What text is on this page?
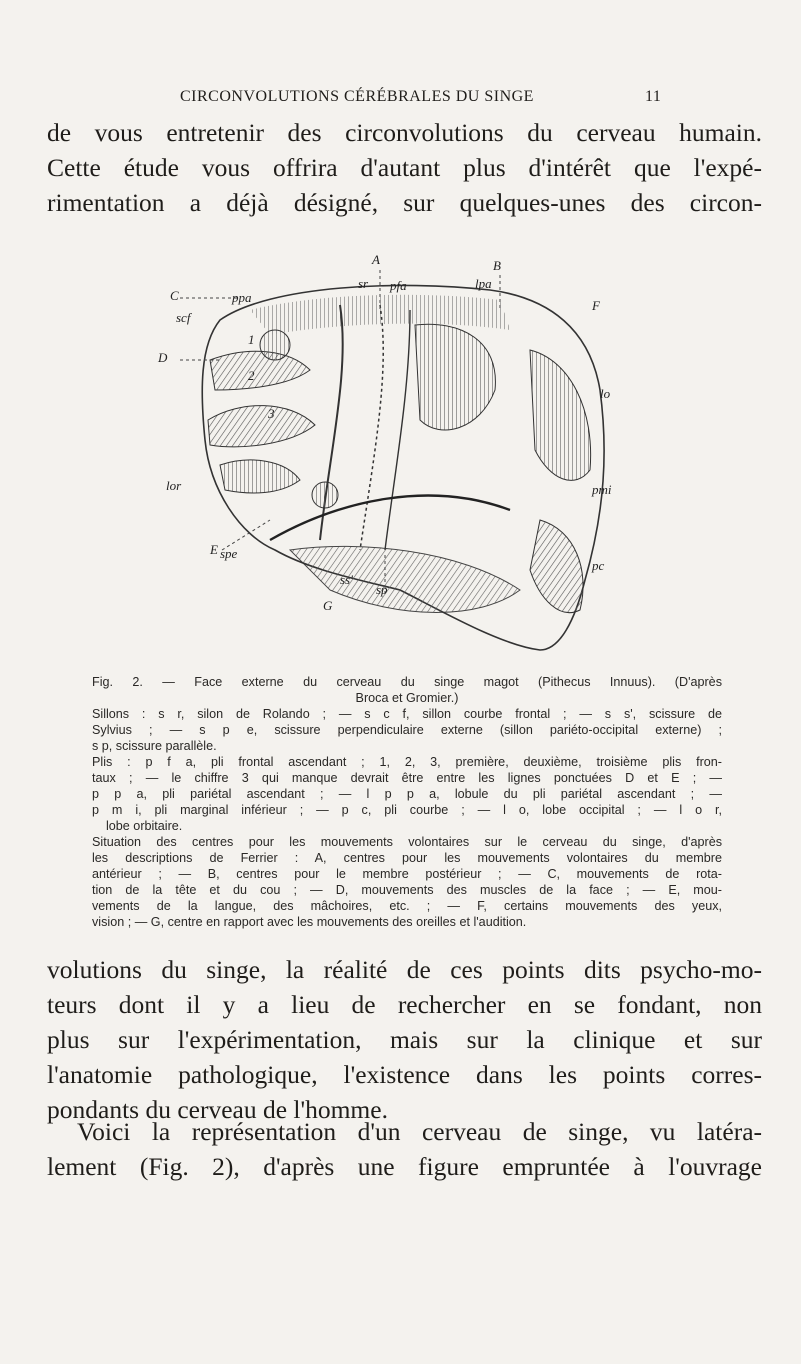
CIRCONVOLUTIONS CÉRÉBRALES DU SINGE	11

de vous entretenir des circonvolutions du cerveau humain.
Cette étude vous offrira d'autant plus d'intérêt que l'expé-
rimentation a déjà désigné, sur quelques-unes des circon-

A	B
C
D
E
F
G
1
2
3
ppa
pfa
scf
sr	lpa
lo
pmi
pc
lor
ss'
sp
spe
Fig. 2. — Face externe du cerveau du singe magot (Pithecus Innuus). (D'après
Broca et Gromier.)
Sillons : s r, silon de Rolando ; — s c f, sillon courbe frontal ; — s s', scissure de
Sylvius ; — s p e, scissure perpendiculaire externe (sillon pariéto-occipital externe) ;
s p, scissure parallèle.
Plis : p f a, pli frontal ascendant ; 1, 2, 3, première, deuxième, troisième plis fron-
taux ; — le chiffre 3 qui manque devrait être entre les lignes ponctuées D et E ; —
p p a, pli pariétal ascendant ; — l p p a, lobule du pli pariétal ascendant ; —
p m i, pli marginal inférieur ; — p c, pli courbe ; — l o, lobe occipital ; — l o r,
lobe orbitaire.
Situation des centres pour les mouvements volontaires sur le cerveau du singe, d'après
les descriptions de Ferrier : A, centres pour les mouvements volontaires du membre
antérieur ; — B, centres pour le membre postérieur ; — C, mouvements de rota-
tion de la tête et du cou ; — D, mouvements des muscles de la face ; — E, mou-
vements de la langue, des mâchoires, etc. ; — F, certains mouvements des yeux,
vision ; — G, centre en rapport avec les mouvements des oreilles et l'audition.

volutions du singe, la réalité de ces points dits psycho-mo-
teurs dont il y a lieu de rechercher en se fondant, non
plus sur l'expérimentation, mais sur la clinique et sur
l'anatomie pathologique, l'existence dans les points corres-
pondants du cerveau de l'homme.

Voici la représentation d'un cerveau de singe, vu latéra-
lement (Fig. 2), d'après une figure empruntée à l'ouvrage
